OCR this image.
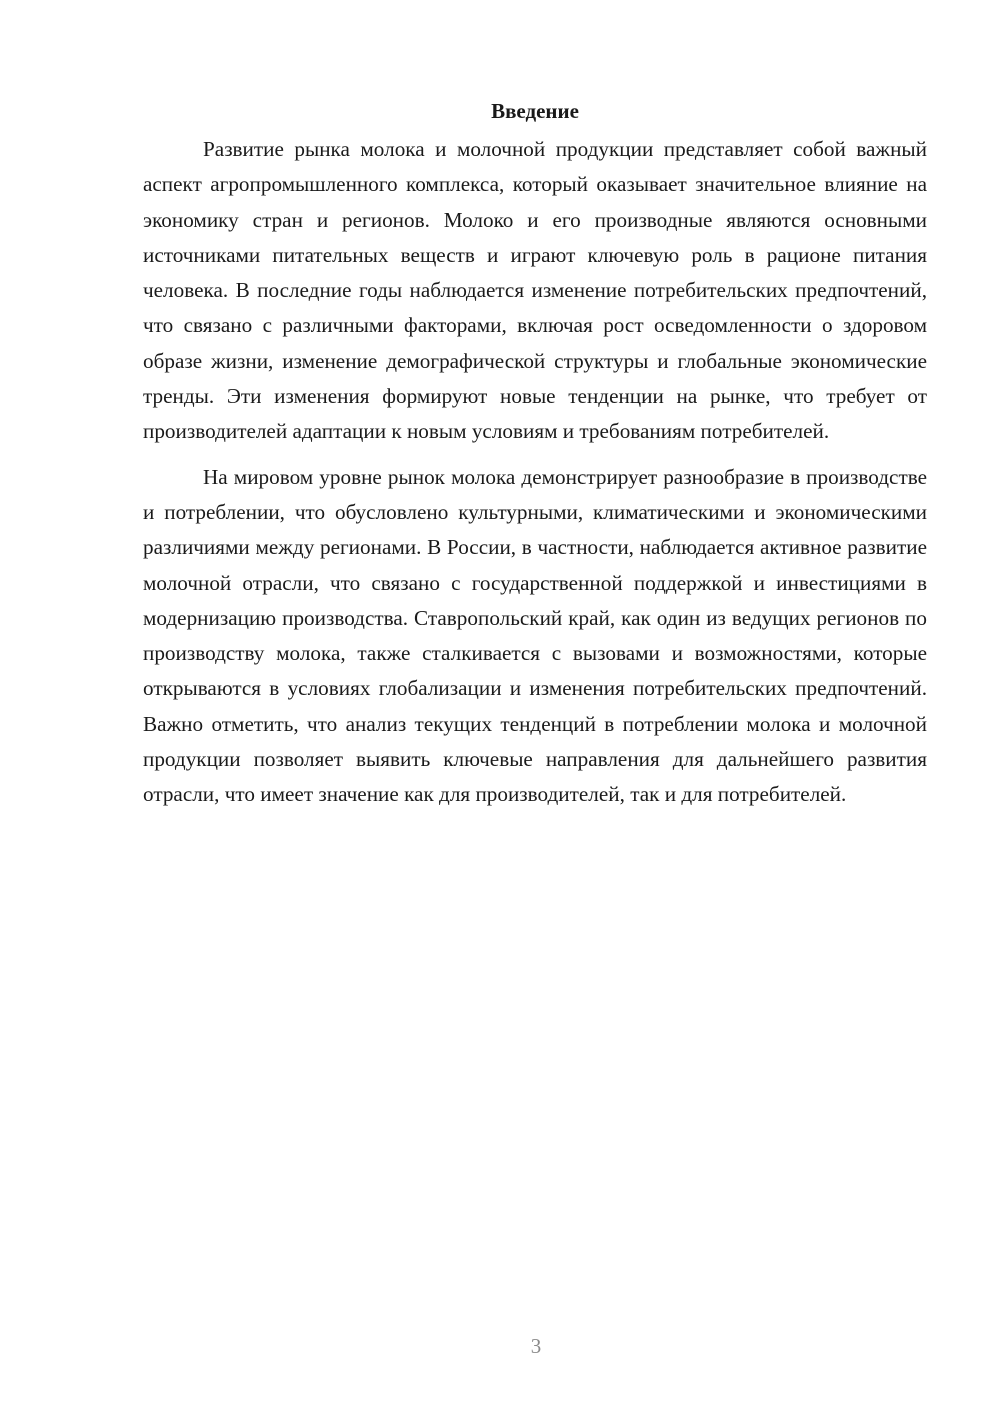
Введение

Развитие рынка молока и молочной продукции представляет собой важный аспект агропромышленного комплекса, который оказывает значительное влияние на экономику стран и регионов. Молоко и его производные являются основными источниками питательных веществ и играют ключевую роль в рационе питания человека. В последние годы наблюдается изменение потребительских предпочтений, что связано с различными факторами, включая рост осведомленности о здоровом образе жизни, изменение демографической структуры и глобальные экономические тренды. Эти изменения формируют новые тенденции на рынке, что требует от производителей адаптации к новым условиям и требованиям потребителей.

На мировом уровне рынок молока демонстрирует разнообразие в производстве и потреблении, что обусловлено культурными, климатическими и экономическими различиями между регионами. В России, в частности, наблюдается активное развитие молочной отрасли, что связано с государственной поддержкой и инвестициями в модернизацию производства. Ставропольский край, как один из ведущих регионов по производству молока, также сталкивается с вызовами и возможностями, которые открываются в условиях глобализации и изменения потребительских предпочтений. Важно отметить, что анализ текущих тенденций в потреблении молока и молочной продукции позволяет выявить ключевые направления для дальнейшего развития отрасли, что имеет значение как для производителей, так и для потребителей.

3
